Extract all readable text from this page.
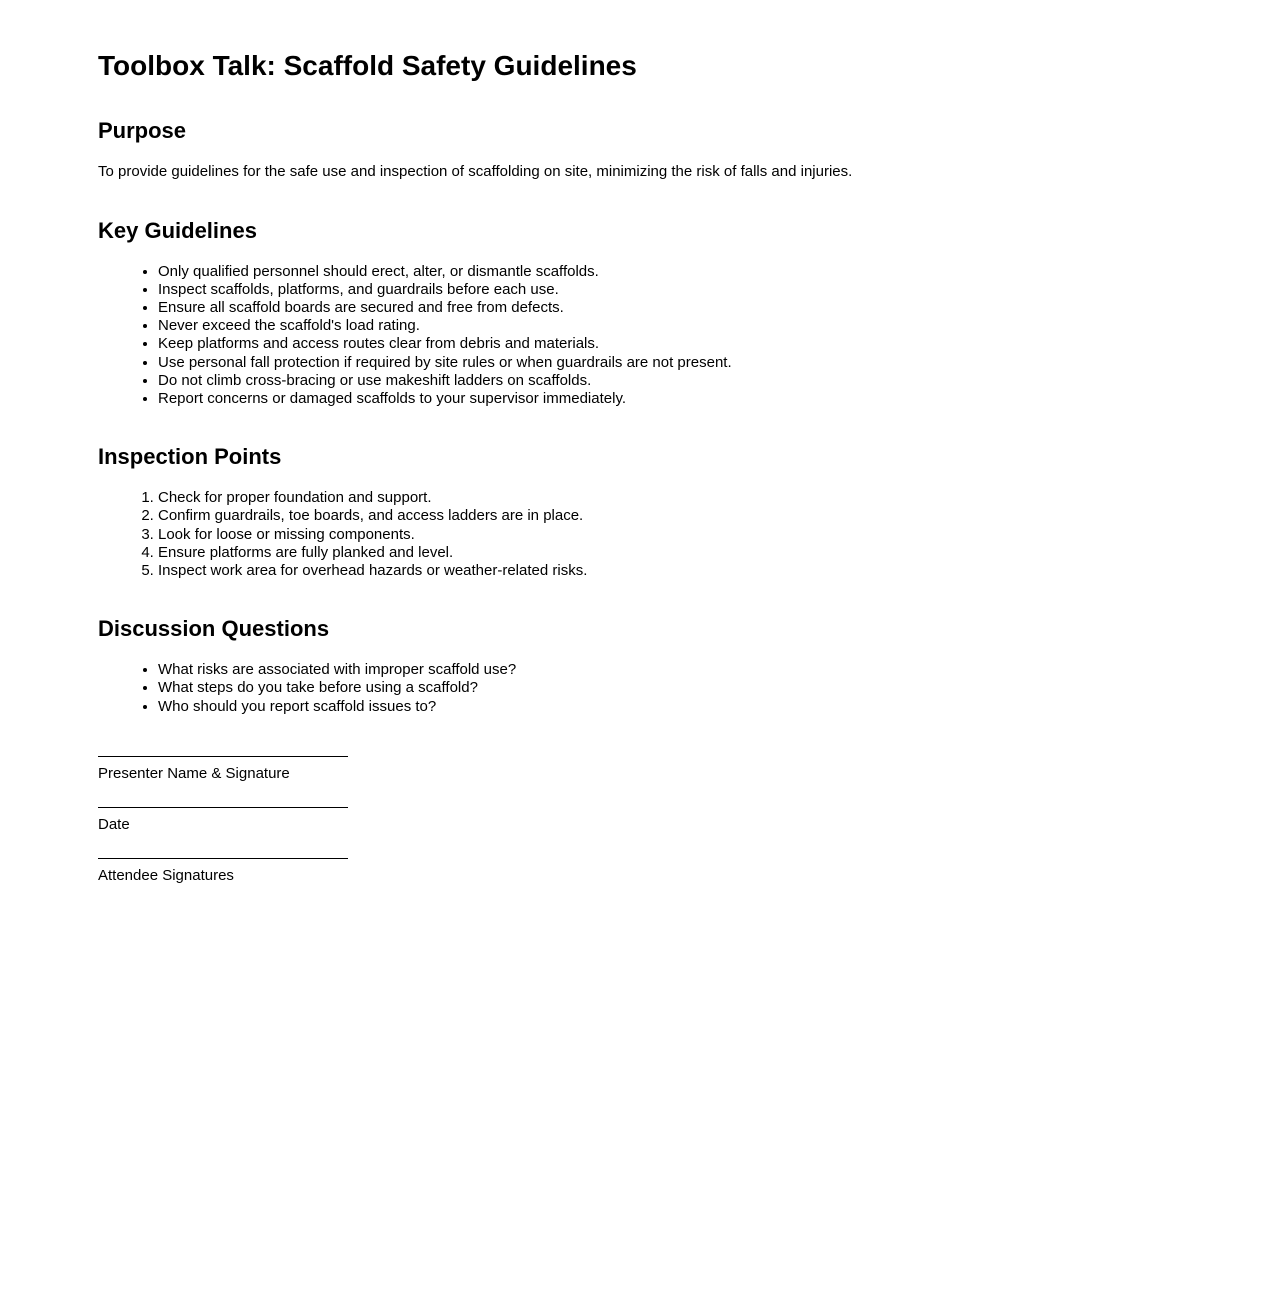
Toolbox Talk: Scaffold Safety Guidelines
Purpose

To provide guidelines for the safe use and inspection of scaffolding on site, minimizing the risk of falls and injuries.

Key Guidelines
• Only qualified personnel should erect, alter, or dismantle scaffolds.
• Inspect scaffolds, platforms, and guardrails before each use.
• Ensure all scaffold boards are secured and free from defects.
• Never exceed the scaffold's load rating.
• Keep platforms and access routes clear from debris and materials.
• Use personal fall protection if required by site rules or when guardrails are not present.
• Do not climb cross-bracing or use makeshift ladders on scaffolds.
• Report concerns or damaged scaffolds to your supervisor immediately.
Inspection Points
1. Check for proper foundation and support.
2. Confirm guardrails, toe boards, and access ladders are in place.
3. Look for loose or missing components.
4. Ensure platforms are fully planked and level.
5. Inspect work area for overhead hazards or weather-related risks.
Discussion Questions
• What risks are associated with improper scaffold use?
• What steps do you take before using a scaffold?
• Who should you report scaffold issues to?
Presenter Name & Signature
Date
Attendee Signatures
